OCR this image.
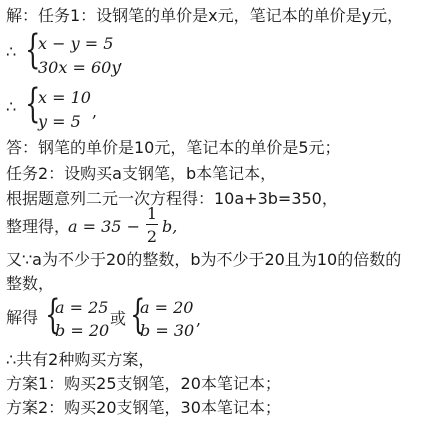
解：任务1：设钢笔的单价是x元，笔记本的单价是y元，
∴ {
x − y = 5
30x = 60y
,
∴ {
x = 10
y = 5
,
答：钢笔的单价是10元，笔记本的单价是5元；
任务2：设购买a支钢笔，b本笔记本，
根据题意列二元一次方程得：10a+3b=350，
整理得，
a = 35 −
1
2
b,
又∵a为不少于20的整数，b为不少于20且为10的倍数的
整数，
解得 {
a = 25
b = 20
或 {
a = 20
b = 30
,
∴共有2种购买方案，
方案1：购买25支钢笔，20本笔记本；
方案2：购买20支钢笔，30本笔记本；
